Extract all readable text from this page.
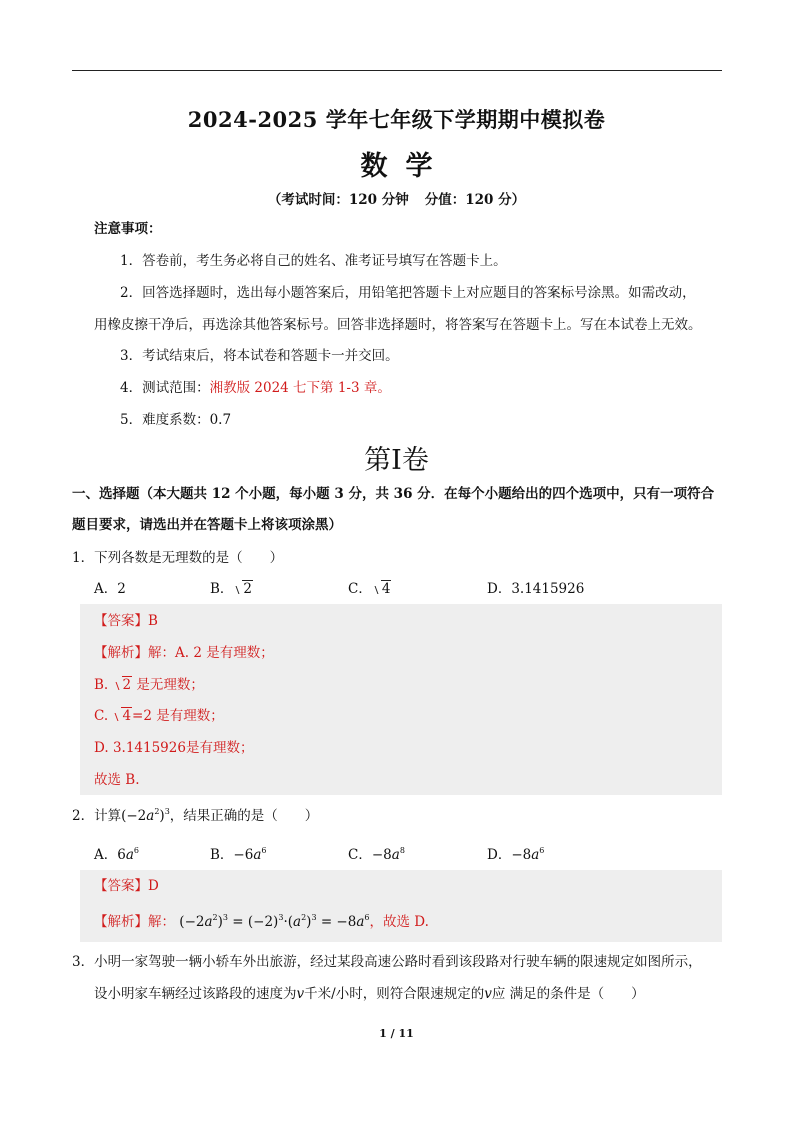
2024-2025 学年七年级下学期期中模拟卷
数 学
（考试时间：120 分钟 分值：120 分）
注意事项：
1．答卷前，考生务必将自己的姓名、准考证号填写在答题卡上。
2．回答选择题时，选出每小题答案后，用铅笔把答题卡上对应题目的答案标号涂黑。如需改动，
用橡皮擦干净后，再选涂其他答案标号。回答非选择题时，将答案写在答题卡上。写在本试卷上无效。
3．考试结束后，将本试卷和答题卡一并交回。
4．测试范围：湘教版 2024 七下第 1-3 章。
5．难度系数：0.7
第Ⅰ卷
一、选择题（本大题共 12 个小题，每小题 3 分，共 36 分．在每个小题给出的四个选项中，只有一项符合
题目要求，请选出并在答题卡上将该项涂黑）
1．下列各数是无理数的是（　　）
A．2	B． 2	C． 4	D．3.1415926
【答案】B
【解析】解：A. 2 是有理数；
B. 2 是无理数；
C. 4=2 是有理数；
D. 3.1415926是有理数；
故选 B.
2．计算$(-2a^2)^3$，结果正确的是（　　）
A．$6a^6$	B．$-6a^6$	C．$-8a^8$	D．$-8a^6$
【答案】D
【解析】解： $(-2a^2)^3 = (-2)^3\cdot(a^2)^3 = -8a^6$，故选 D.
3．小明一家驾驶一辆小轿车外出旅游，经过某段高速公路时看到该段路对行驶车辆的限速规定如图所示，
设小明家车辆经过该路段的速度为v千米/小时，则符合限速规定的v应 满足的条件是（　　）
1 / 11
